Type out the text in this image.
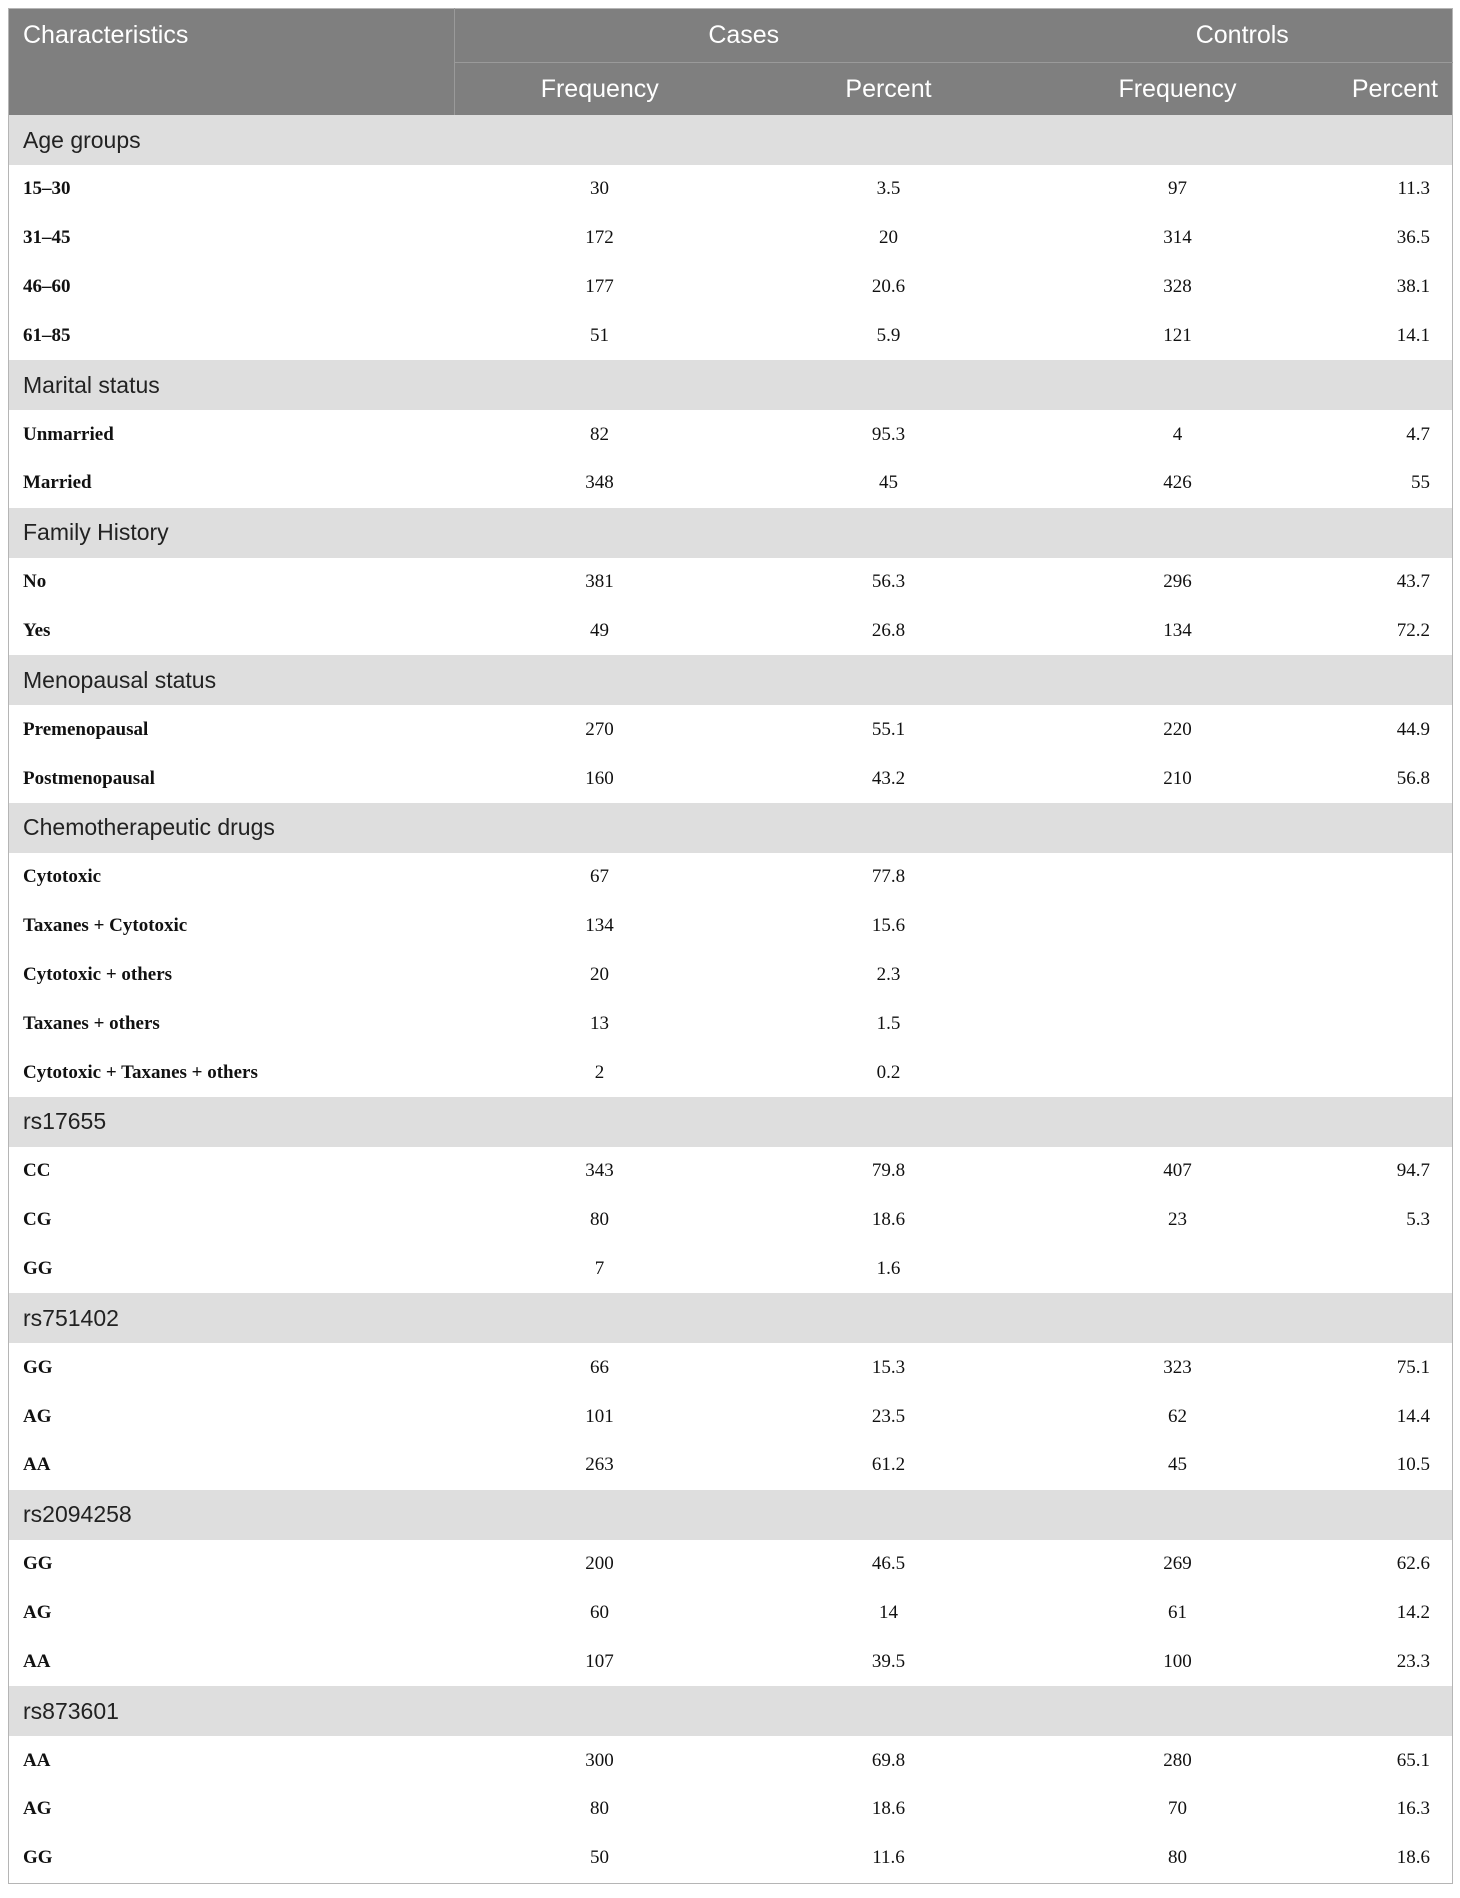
Characteristics	Cases		Controls	
	Frequency	Percent	Frequency	Percent
Age groups				
15–30	30	3.5	97	11.3
31–45	172	20	314	36.5
46–60	177	20.6	328	38.1
61–85	51	5.9	121	14.1
Marital status				
Unmarried	82	95.3	4	4.7
Married	348	45	426	55
Family History				
No	381	56.3	296	43.7
Yes	49	26.8	134	72.2
Menopausal status				
Premenopausal	270	55.1	220	44.9
Postmenopausal	160	43.2	210	56.8
Chemotherapeutic drugs				
Cytotoxic	67	77.8		
Taxanes + Cytotoxic	134	15.6		
Cytotoxic + others	20	2.3		
Taxanes + others	13	1.5		
Cytotoxic + Taxanes + others	2	0.2		
rs17655				
CC	343	79.8	407	94.7
CG	80	18.6	23	5.3
GG	7	1.6		
rs751402				
GG	66	15.3	323	75.1
AG	101	23.5	62	14.4
AA	263	61.2	45	10.5
rs2094258				
GG	200	46.5	269	62.6
AG	60	14	61	14.2
AA	107	39.5	100	23.3
rs873601				
AA	300	69.8	280	65.1
AG	80	18.6	70	16.3
GG	50	11.6	80	18.6
